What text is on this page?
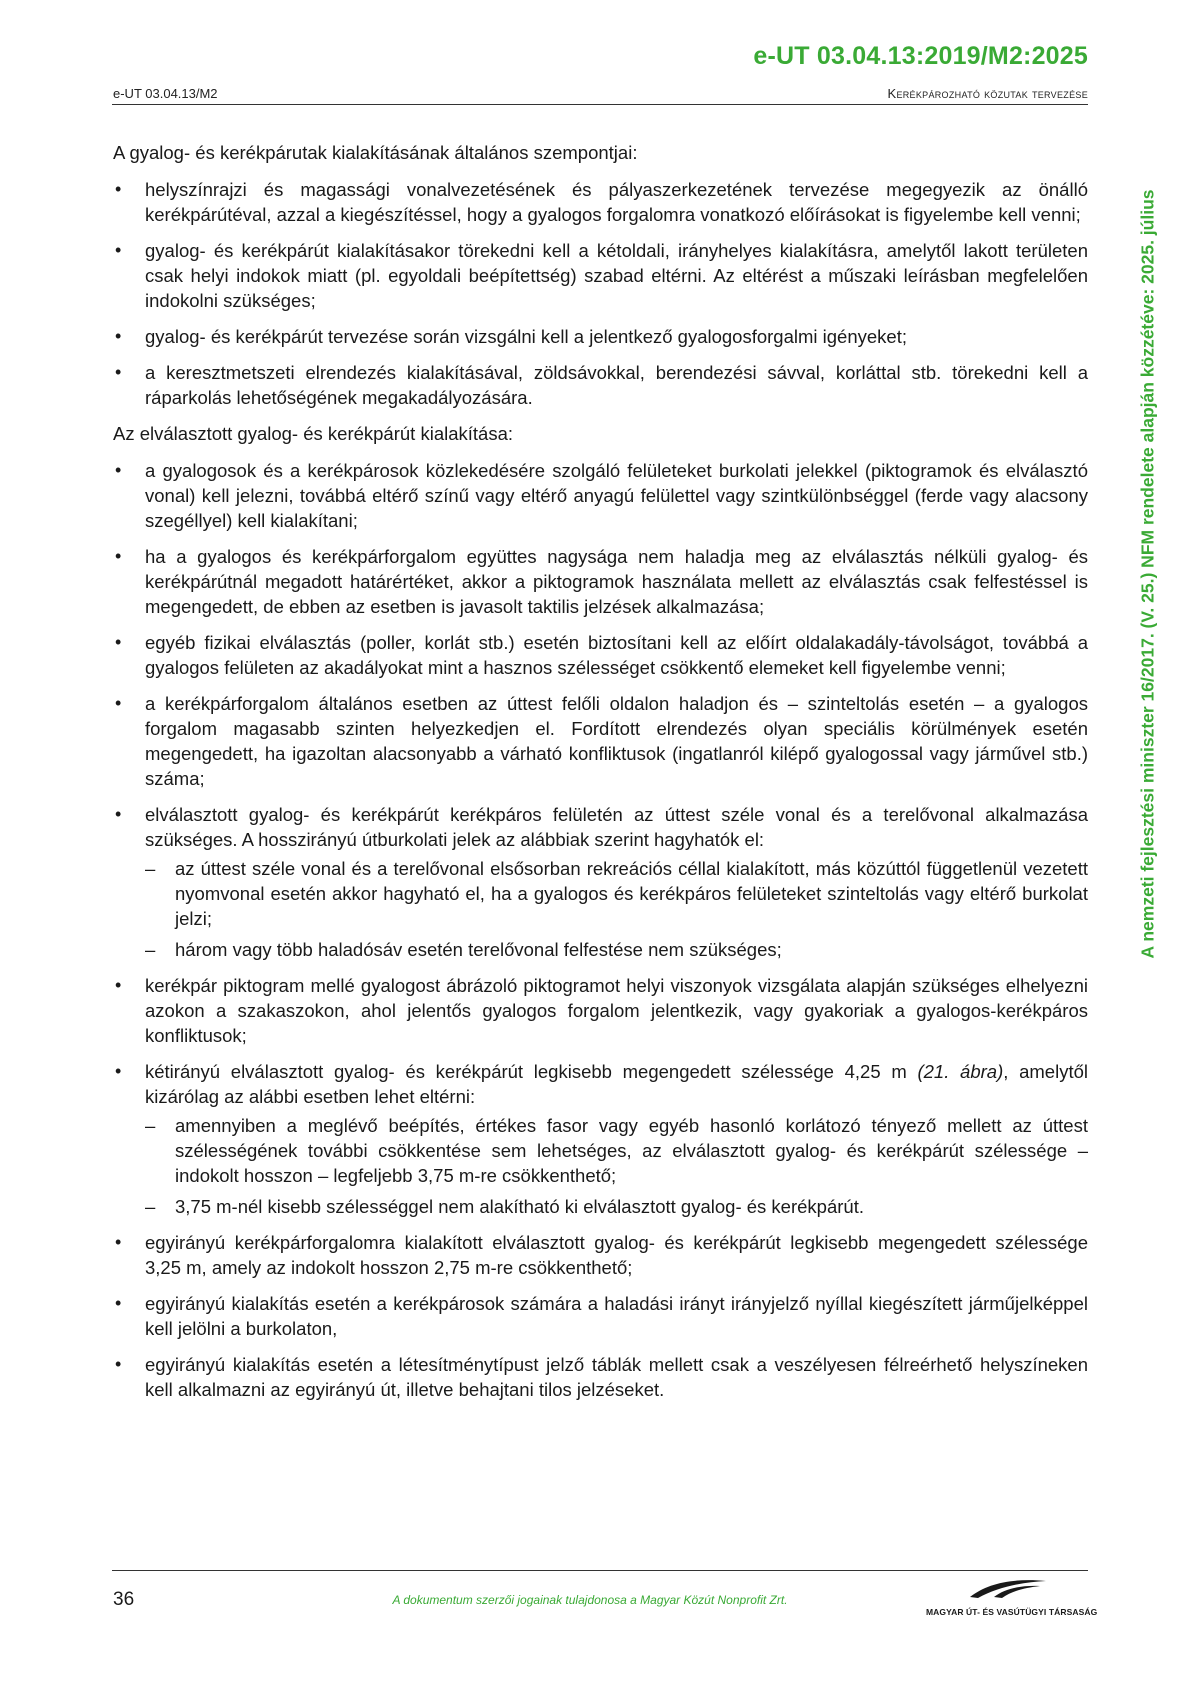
e-UT 03.04.13:2019/M2:2025
e-UT 03.04.13/M2	Kerékpározható közutak tervezése
A nemzeti fejlesztési miniszter 16/2017. (V. 25.) NFM rendelete alapján közzétéve: 2025. július

A gyalog- és kerékpárutak kialakításának általános szempontjai:

• helyszínrajzi és magassági vonalvezetésének és pályaszerkezetének tervezése megegyezik az önálló kerékpárútéval, azzal a kiegészítéssel, hogy a gyalogos forgalomra vonatkozó előírásokat is figyelembe kell venni;
• gyalog- és kerékpárút kialakításakor törekedni kell a kétoldali, irányhelyes kialakításra, amelytől lakott területen csak helyi indokok miatt (pl. egyoldali beépítettség) szabad eltérni. Az eltérést a műszaki leírásban megfelelően indokolni szükséges;
• gyalog- és kerékpárút tervezése során vizsgálni kell a jelentkező gyalogosforgalmi igényeket;
• a keresztmetszeti elrendezés kialakításával, zöldsávokkal, berendezési sávval, korláttal stb. törekedni kell a ráparkolás lehetőségének megakadályozására.

Az elválasztott gyalog- és kerékpárút kialakítása:

• a gyalogosok és a kerékpárosok közlekedésére szolgáló felületeket burkolati jelekkel (piktogramok és elválasztó vonal) kell jelezni, továbbá eltérő színű vagy eltérő anyagú felülettel vagy szintkülönbséggel (ferde vagy alacsony szegéllyel) kell kialakítani;
• ha a gyalogos és kerékpárforgalom együttes nagysága nem haladja meg az elválasztás nélküli gyalog- és kerékpárútnál megadott határértéket, akkor a piktogramok használata mellett az elválasztás csak felfestéssel is megengedett, de ebben az esetben is javasolt taktilis jelzések alkalmazása;
• egyéb fizikai elválasztás (poller, korlát stb.) esetén biztosítani kell az előírt oldalakadály-távolságot, továbbá a gyalogos felületen az akadályokat mint a hasznos szélességet csökkentő elemeket kell figyelembe venni;
• a kerékpárforgalom általános esetben az úttest felőli oldalon haladjon és – szinteltolás esetén – a gyalogos forgalom magasabb szinten helyezkedjen el. Fordított elrendezés olyan speciális körülmények esetén megengedett, ha igazoltan alacsonyabb a várható konfliktusok (ingatlanról kilépő gyalogossal vagy járművel stb.) száma;
• elválasztott gyalog- és kerékpárút kerékpáros felületén az úttest széle vonal és a terelővonal alkalmazása szükséges. A hosszirányú útburkolati jelek az alábbiak szerint hagyhatók el:
– az úttest széle vonal és a terelővonal elsősorban rekreációs céllal kialakított, más közúttól függetlenül vezetett nyomvonal esetén akkor hagyható el, ha a gyalogos és kerékpáros felületeket szinteltolás vagy eltérő burkolat jelzi;
– három vagy több haladósáv esetén terelővonal felfestése nem szükséges;
• kerékpár piktogram mellé gyalogost ábrázoló piktogramot helyi viszonyok vizsgálata alapján szükséges elhelyezni azokon a szakaszokon, ahol jelentős gyalogos forgalom jelentkezik, vagy gyakoriak a gyalogos-kerékpáros konfliktusok;
• kétirányú elválasztott gyalog- és kerékpárút legkisebb megengedett szélessége 4,25 m (21. ábra), amelytől kizárólag az alábbi esetben lehet eltérni:
– amennyiben a meglévő beépítés, értékes fasor vagy egyéb hasonló korlátozó tényező mellett az úttest szélességének további csökkentése sem lehetséges, az elválasztott gyalog- és kerékpárút szélessége – indokolt hosszon – legfeljebb 3,75 m-re csökkenthető;
– 3,75 m-nél kisebb szélességgel nem alakítható ki elválasztott gyalog- és kerékpárút.
• egyirányú kerékpárforgalomra kialakított elválasztott gyalog- és kerékpárút legkisebb megengedett szélessége 3,25 m, amely az indokolt hosszon 2,75 m-re csökkenthető;
• egyirányú kialakítás esetén a kerékpárosok számára a haladási irányt irányjelző nyíllal kiegészített járműjelképpel kell jelölni a burkolaton,
• egyirányú kialakítás esetén a létesítménytípust jelző táblák mellett csak a veszélyesen félreérhető helyszíneken kell alkalmazni az egyirányú út, illetve behajtani tilos jelzéseket.
36	A dokumentum szerzői jogainak tulajdonosa a Magyar Közút Nonprofit Zrt.
MAGYAR ÚT- ÉS VASÚTÜGYI TÁRSASÁG
